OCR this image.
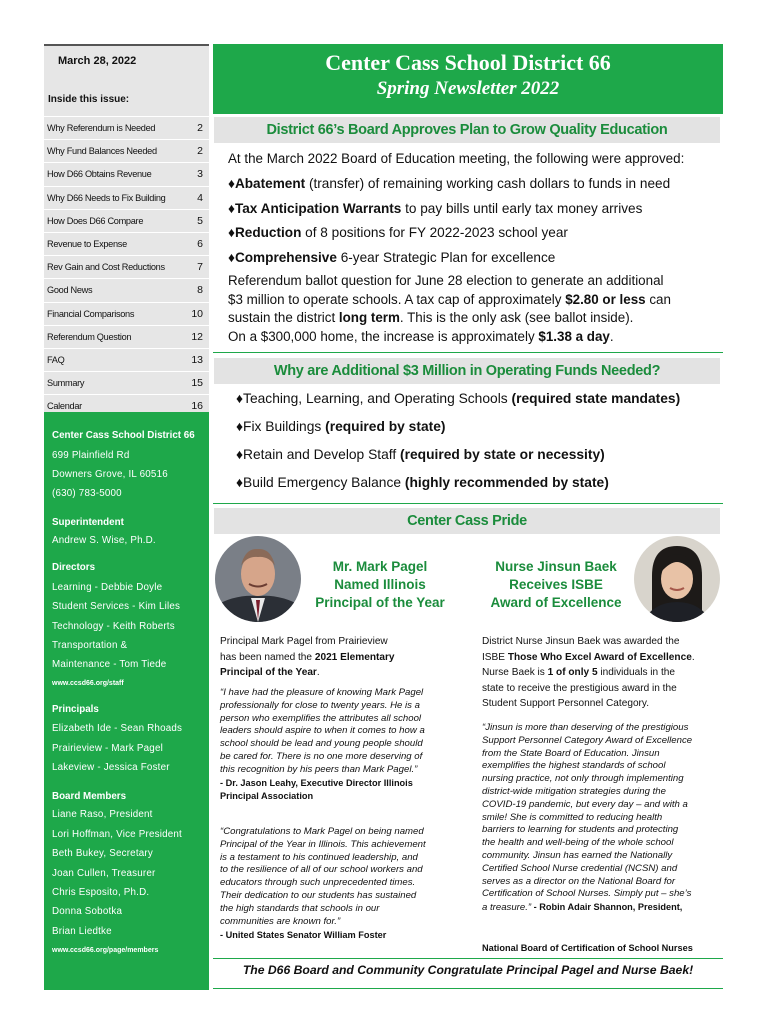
March 28, 2022
Inside this issue:
Why Referendum is Needed	2
Why Fund Balances Needed	2
How D66 Obtains Revenue	3
Why D66 Needs to Fix Building	4
How Does D66 Compare	5
Revenue to Expense	6
Rev Gain and Cost Reductions	7
Good News	8
Financial Comparisons	10
Referendum Question	12
FAQ	13
Summary	15
Calendar	16
Center Cass School District 66
699 Plainfield Rd
Downers Grove, IL 60516
(630) 783-5000
Superintendent
Andrew S. Wise, Ph.D.
Directors
Learning - Debbie Doyle
Student Services - Kim Liles
Technology - Keith Roberts
Transportation &
Maintenance - Tom Tiede
www.ccsd66.org/staff
Principals
Elizabeth Ide - Sean Rhoads
Prairieview - Mark Pagel
Lakeview - Jessica Foster
Board Members
Liane Raso, President
Lori Hoffman, Vice President
Beth Bukey, Secretary
Joan Cullen, Treasurer
Chris Esposito, Ph.D.
Donna Sobotka
Brian Liedtke
www.ccsd66.org/page/members
Center Cass School District 66
Spring Newsletter 2022
District 66’s Board Approves Plan to Grow Quality Education
At the March 2022 Board of Education meeting, the following were approved:
♦Abatement (transfer) of remaining working cash dollars to funds in need
♦Tax Anticipation Warrants to pay bills until early tax money arrives
♦Reduction of 8 positions for FY 2022-2023 school year
♦Comprehensive 6-year Strategic Plan for excellence
Referendum ballot question for June 28 election to generate an additional
$3 million to operate schools. A tax cap of approximately $2.80 or less can
sustain the district long term. This is the only ask (see ballot inside).
On a $300,000 home, the increase is approximately $1.38 a day.
Why are Additional $3 Million in Operating Funds Needed?
♦Teaching, Learning, and Operating Schools (required state mandates)
♦Fix Buildings (required by state)
♦Retain and Develop Staff (required by state or necessity)
♦Build Emergency Balance (highly recommended by state)
Center Cass Pride
Mr. Mark Pagel
Named Illinois
Principal of the Year
Nurse Jinsun Baek
Receives ISBE
Award of Excellence
Principal Mark Pagel from Prairieview
has been named the 2021 Elementary
Principal of the Year.
“I have had the pleasure of knowing Mark Pagel
professionally for close to twenty years. He is a
person who exemplifies the attributes all school
leaders should aspire to when it comes to how a
school should be lead and young people should
be cared for. There is no one more deserving of
this recognition by his peers than Mark Pagel.”
- Dr. Jason Leahy, Executive Director Illinois
Principal Association
“Congratulations to Mark Pagel on being named
Principal of the Year in Illinois. This achievement
is a testament to his continued leadership, and
to the resilience of all of our school workers and
educators through such unprecedented times.
Their dedication to our students has sustained
the high standards that schools in our
communities are known for.”
- United States Senator William Foster
District Nurse Jinsun Baek was awarded the
ISBE Those Who Excel Award of Excellence.
Nurse Baek is 1 of only 5 individuals in the
state to receive the prestigious award in the
Student Support Personnel Category.
“Jinsun is more than deserving of the prestigious
Support Personnel Category Award of Excellence
from the State Board of Education. Jinsun
exemplifies the highest standards of school
nursing practice, not only through implementing
district-wide mitigation strategies during the
COVID-19 pandemic, but every day – and with a
smile! She is committed to reducing health
barriers to learning for students and protecting
the health and well-being of the whole school
community. Jinsun has earned the Nationally
Certified School Nurse credential (NCSN) and
serves as a director on the National Board for
Certification of School Nurses. Simply put – she’s
a treasure.” - Robin Adair Shannon, President,
National Board of Certification of School Nurses
The D66 Board and Community Congratulate Principal Pagel and Nurse Baek!
